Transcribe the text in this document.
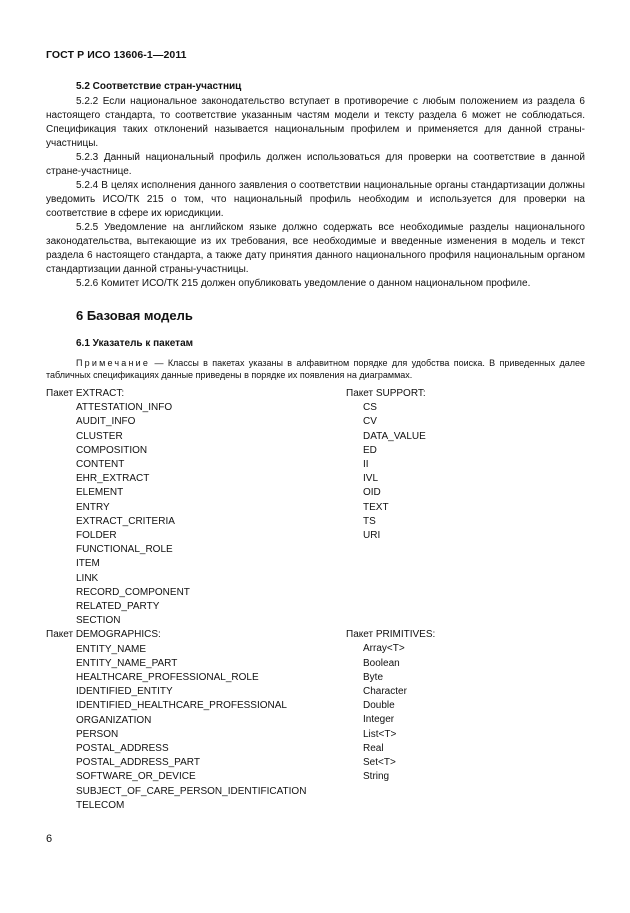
ГОСТ Р ИСО 13606-1—2011

5.2 Соответствие стран-участниц

5.2.2 Если национальное законодательство вступает в противоречие с любым положением из раздела 6 настоящего стандарта, то соответствие указанным частям модели и тексту раздела 6 может не соблюдаться. Спецификация таких отклонений называется национальным профилем и применяется для данной страны-участницы.

5.2.3 Данный национальный профиль должен использоваться для проверки на соответствие в данной стране-участнице.

5.2.4 В целях исполнения данного заявления о соответствии национальные органы стандартизации должны уведомить ИСО/ТК 215 о том, что национальный профиль необходим и используется для проверки на соответствие в сфере их юрисдикции.

5.2.5 Уведомление на английском языке должно содержать все необходимые разделы национального законодательства, вытекающие из их требования, все необходимые и введенные изменения в модель и текст раздела 6 настоящего стандарта, а также дату принятия данного национального профиля национальным органом стандартизации данной страны-участницы.

5.2.6 Комитет ИСО/ТК 215 должен опубликовать уведомление о данном национальном профиле.

6 Базовая модель

6.1 Указатель к пакетам

Примечание — Классы в пакетах указаны в алфавитном порядке для удобства поиска. В приведенных далее табличных спецификациях данные приведены в порядке их появления на диаграммах.

Пакет EXTRACT:

ATTESTATION_INFO

AUDIT_INFO

CLUSTER

COMPOSITION

CONTENT

EHR_EXTRACT

ELEMENT

ENTRY

EXTRACT_CRITERIA

FOLDER

FUNCTIONAL_ROLE

ITEM

LINK

RECORD_COMPONENT

RELATED_PARTY

SECTION

Пакет DEMOGRAPHICS:

ENTITY_NAME

ENTITY_NAME_PART

HEALTHCARE_PROFESSIONAL_ROLE

IDENTIFIED_ENTITY

IDENTIFIED_HEALTHCARE_PROFESSIONAL

ORGANIZATION

PERSON

POSTAL_ADDRESS

POSTAL_ADDRESS_PART

SOFTWARE_OR_DEVICE

SUBJECT_OF_CARE_PERSON_IDENTIFICATION

TELECOM

Пакет SUPPORT:

CS

CV

DATA_VALUE

ED

II

IVL

OID

TEXT

TS

URI

Пакет PRIMITIVES:

Array<T>

Boolean

Byte

Character

Double

Integer

List<T>

Real

Set<T>

String

6
